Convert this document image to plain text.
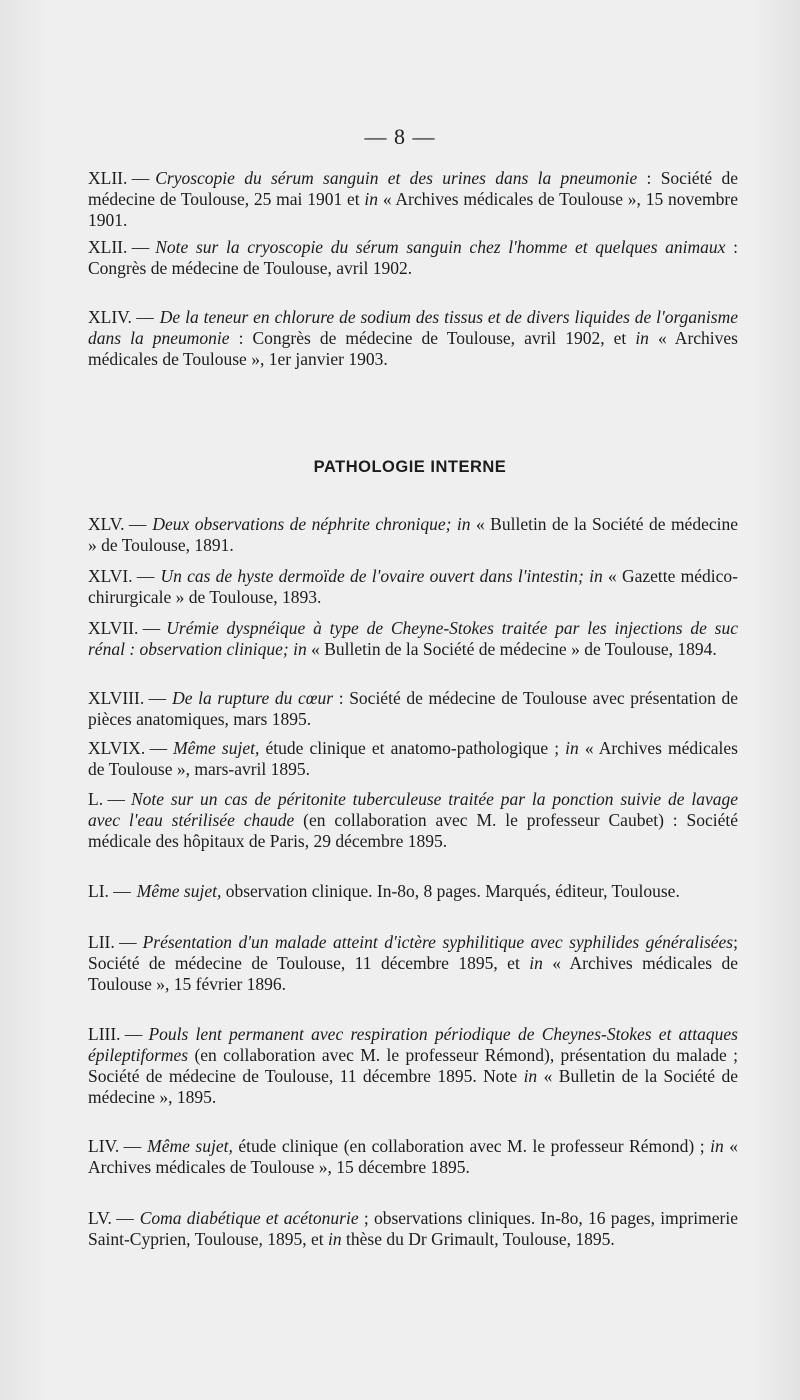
— 8 —
XLII. — Cryoscopie du sérum sanguin et des urines dans la pneumonie : Société de médecine de Toulouse, 25 mai 1901 et in « Archives médicales de Toulouse », 15 novembre 1901.
XLII. — Note sur la cryoscopie du sérum sanguin chez l'homme et quelques animaux : Congrès de médecine de Toulouse, avril 1902.
XLIV. — De la teneur en chlorure de sodium des tissus et de divers liquides de l'organisme dans la pneumonie : Congrès de médecine de Toulouse, avril 1902, et in « Archives médicales de Toulouse », 1er janvier 1903.
PATHOLOGIE INTERNE
XLV. — Deux observations de néphrite chronique; in « Bulletin de la Société de médecine » de Toulouse, 1891.
XLVI. — Un cas de hyste dermoïde de l'ovaire ouvert dans l'intestin; in « Gazette médico-chirurgicale » de Toulouse, 1893.
XLVII. — Urémie dyspnéique à type de Cheyne-Stokes traitée par les injections de suc rénal : observation clinique; in « Bulletin de la Société de médecine » de Toulouse, 1894.
XLVIII. — De la rupture du cœur : Société de médecine de Toulouse avec présentation de pièces anatomiques, mars 1895.
XLVIX. — Même sujet, étude clinique et anatomo-pathologique ; in « Archives médicales de Toulouse », mars-avril 1895.
L. — Note sur un cas de péritonite tuberculeuse traitée par la ponction suivie de lavage avec l'eau stérilisée chaude (en collaboration avec M. le professeur Caubet) : Société médicale des hôpitaux de Paris, 29 décembre 1895.
LI. — Même sujet, observation clinique. In-8o, 8 pages. Marqués, éditeur, Toulouse.
LII. — Présentation d'un malade atteint d'ictère syphilitique avec syphilides généralisées; Société de médecine de Toulouse, 11 décembre 1895, et in « Archives médicales de Toulouse », 15 février 1896.
LIII. — Pouls lent permanent avec respiration périodique de Cheynes-Stokes et attaques épileptiformes (en collaboration avec M. le professeur Rémond), présentation du malade ; Société de médecine de Toulouse, 11 décembre 1895. Note in « Bulletin de la Société de médecine », 1895.
LIV. — Même sujet, étude clinique (en collaboration avec M. le professeur Rémond) ; in « Archives médicales de Toulouse », 15 décembre 1895.
LV. — Coma diabétique et acétonurie ; observations cliniques. In-8o, 16 pages, imprimerie Saint-Cyprien, Toulouse, 1895, et in thèse du Dr Grimault, Toulouse, 1895.
